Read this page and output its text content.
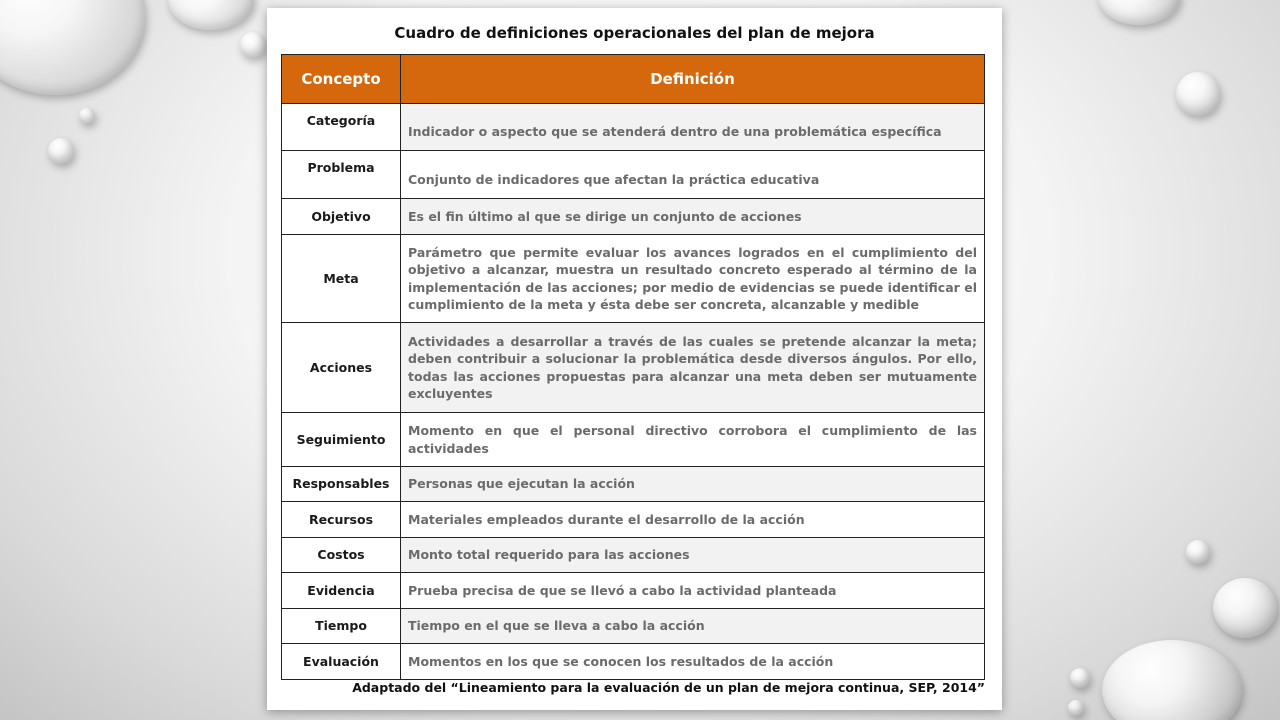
Cuadro de definiciones operacionales del plan de mejora
Concepto	Definición
Categoría	Indicador o aspecto que se atenderá dentro de una problemática específica
Problema	Conjunto de indicadores que afectan la práctica educativa
Objetivo	Es el fin último al que se dirige un conjunto de acciones
Meta	Parámetro que permite evaluar los avances logrados en el cumplimiento del objetivo a alcanzar, muestra un resultado concreto esperado al término de la implementación de las acciones; por medio de evidencias se puede identificar el cumplimiento de la meta y ésta debe ser concreta, alcanzable y medible
Acciones	Actividades a desarrollar a través de las cuales se pretende alcanzar la meta; deben contribuir a solucionar la problemática desde diversos ángulos. Por ello, todas las acciones propuestas para alcanzar una meta deben ser mutuamente excluyentes
Seguimiento	Momento en que el personal directivo corrobora el cumplimiento de las actividades
Responsables	Personas que ejecutan la acción
Recursos	Materiales empleados durante el desarrollo de la acción
Costos	Monto total requerido para las acciones
Evidencia	Prueba precisa de que se llevó a cabo la actividad planteada
Tiempo	Tiempo en el que se lleva a cabo la acción
Evaluación	Momentos en los que se conocen los resultados de la acción
Adaptado del “Lineamiento para la evaluación de un plan de mejora continua, SEP, 2014”
